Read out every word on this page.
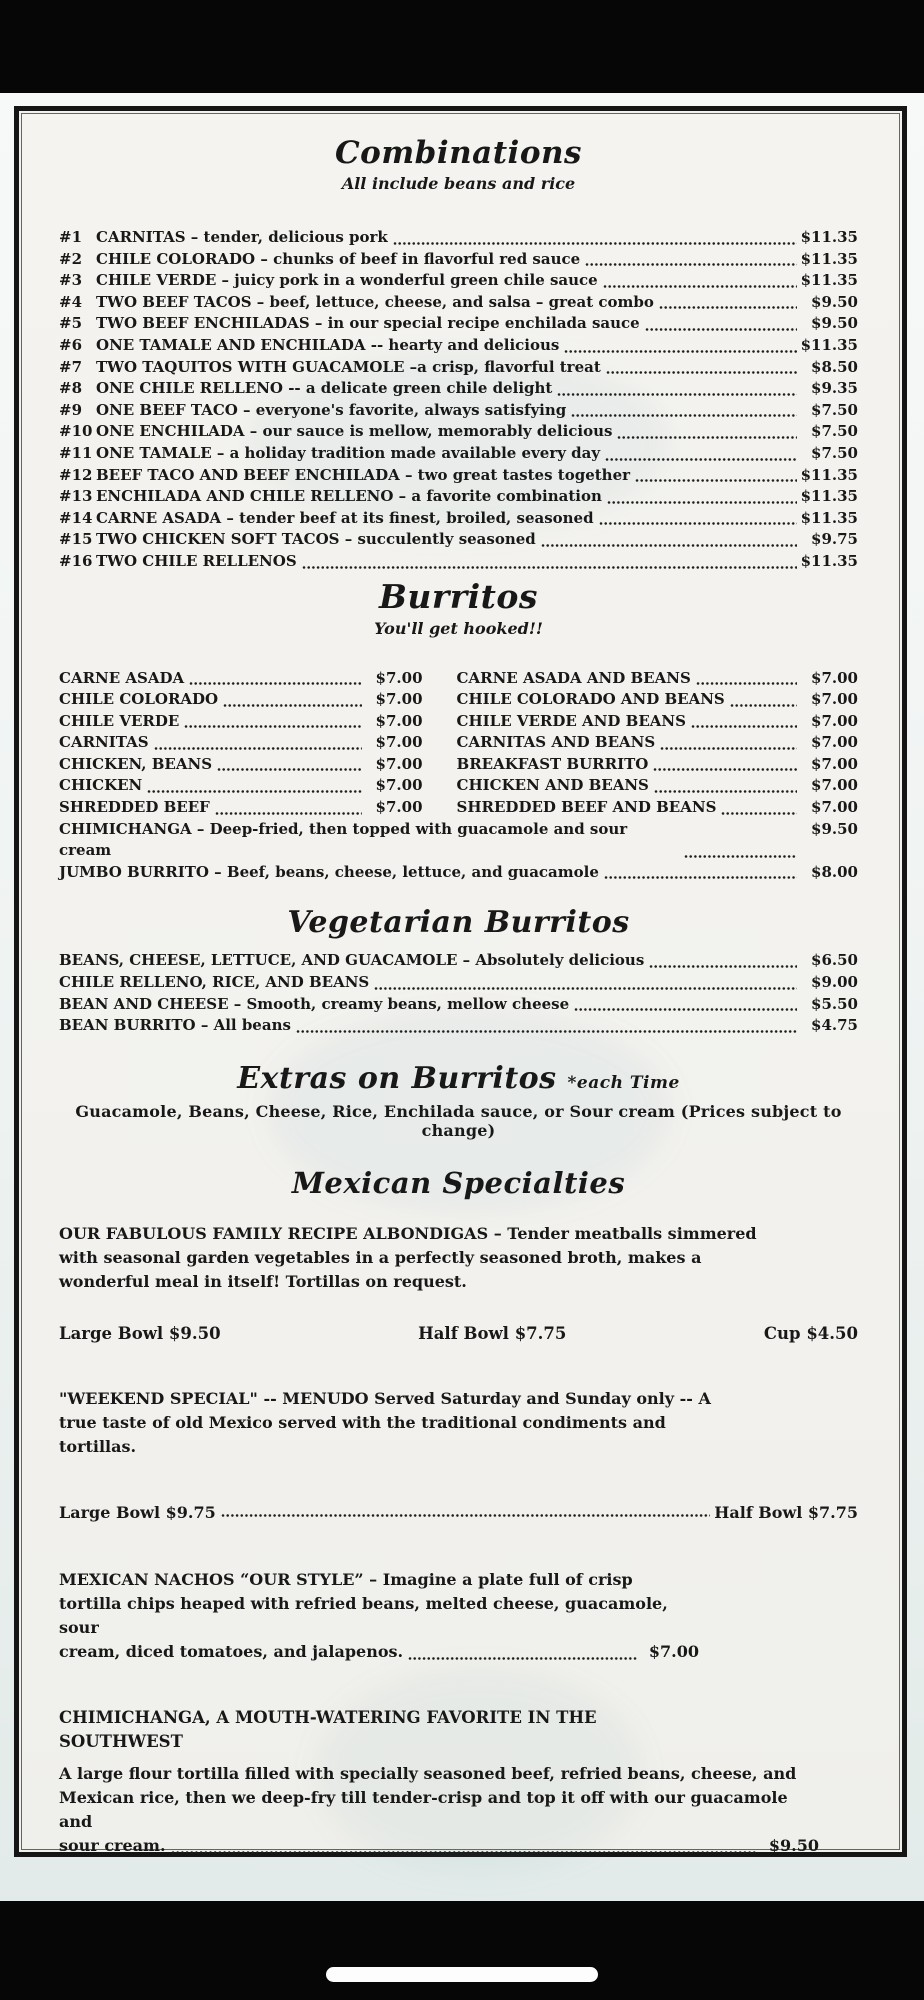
Combinations
All include beans and rice
#1 CARNITAS – tender, delicious pork	$11.35
#2 CHILE COLORADO – chunks of beef in flavorful red sauce	$11.35
#3 CHILE VERDE – juicy pork in a wonderful green chile sauce	$11.35
#4 TWO BEEF TACOS – beef, lettuce, cheese, and salsa – great combo	$9.50
#5 TWO BEEF ENCHILADAS – in our special recipe enchilada sauce	$9.50
#6 ONE TAMALE AND ENCHILADA -- hearty and delicious	$11.35
#7 TWO TAQUITOS WITH GUACAMOLE –a crisp, flavorful treat	$8.50
#8 ONE CHILE RELLENO -- a delicate green chile delight	$9.35
#9 ONE BEEF TACO – everyone's favorite, always satisfying	$7.50
#10 ONE ENCHILADA – our sauce is mellow, memorably delicious	$7.50
#11 ONE TAMALE – a holiday tradition made available every day	$7.50
#12 BEEF TACO AND BEEF ENCHILADA – two great tastes together	$11.35
#13 ENCHILADA AND CHILE RELLENO – a favorite combination	$11.35
#14 CARNE ASADA – tender beef at its finest, broiled, seasoned	$11.35
#15 TWO CHICKEN SOFT TACOS – succulently seasoned	$9.75
#16 TWO CHILE RELLENOS	$11.35
Burritos
You'll get hooked!!
CARNE ASADA	$7.00
CHILE COLORADO	$7.00
CHILE VERDE	$7.00
CARNITAS	$7.00
CHICKEN, BEANS	$7.00
CHICKEN	$7.00
SHREDDED BEEF	$7.00
CARNE ASADA AND BEANS	$7.00
CHILE COLORADO AND BEANS	$7.00
CHILE VERDE AND BEANS	$7.00
CARNITAS AND BEANS	$7.00
BREAKFAST BURRITO	$7.00
CHICKEN AND BEANS	$7.00
SHREDDED BEEF AND BEANS	$7.00
CHIMICHANGA – Deep-fried, then topped with guacamole and sour cream
$9.50
JUMBO BURRITO – Beef, beans, cheese, lettuce, and guacamole	$8.00
Vegetarian Burritos
BEANS, CHEESE, LETTUCE, AND GUACAMOLE – Absolutely delicious	$6.50
CHILE RELLENO, RICE, AND BEANS	$9.00
BEAN AND CHEESE – Smooth, creamy beans, mellow cheese	$5.50
BEAN BURRITO – All beans	$4.75
Extras on Burritos *each Time
Guacamole, Beans, Cheese, Rice, Enchilada sauce, or Sour cream (Prices subject to change)
Mexican Specialties
OUR FABULOUS FAMILY RECIPE ALBONDIGAS – Tender meatballs simmered with seasonal garden vegetables in a perfectly seasoned broth, makes a wonderful meal in itself! Tortillas on request.
Large Bowl $9.50	Half Bowl $7.75	Cup $4.50
"WEEKEND SPECIAL" -- MENUDO Served Saturday and Sunday only -- A true taste of old Mexico served with the traditional condiments and tortillas.
Large Bowl $9.75	Half Bowl $7.75
MEXICAN NACHOS “OUR STYLE” – Imagine a plate full of crisp tortilla chips heaped with refried beans, melted cheese, guacamole, sour
cream, diced tomatoes, and jalapenos.	$7.00
CHIMICHANGA, A MOUTH-WATERING FAVORITE IN THE SOUTHWEST
A large flour tortilla filled with specially seasoned beef, refried beans, cheese, and Mexican rice, then we deep-fry till tender-crisp and top it off with our guacamole and
sour cream.	$9.50
